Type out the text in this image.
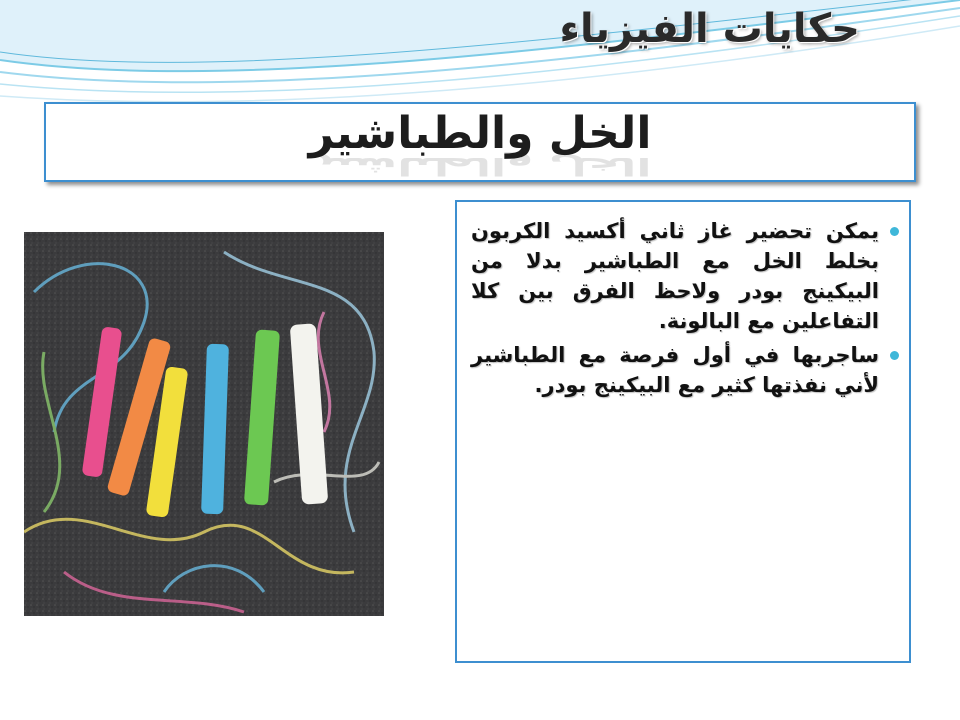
حكايات الفيزياء
الخل والطباشير
الخل والطباشير
يمكن تحضير غاز ثاني أكسيد الكربون بخلط الخل مع الطباشير بدلا من البيكينج بودر ولاحظ الفرق بين كلا التفاعلين مع البالونة.
ساجربها في أول فرصة مع الطباشير لأني نفذتها كثير مع البيكينج بودر.
